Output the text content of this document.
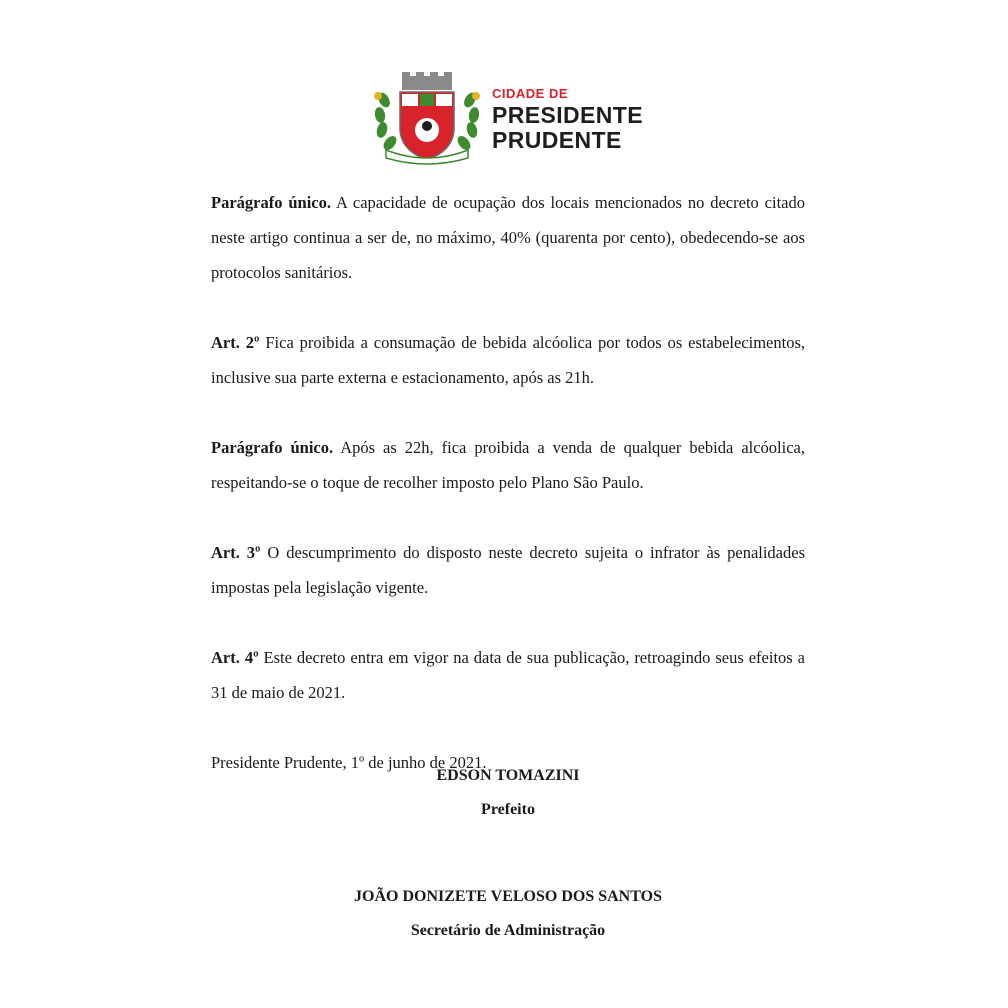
CIDADE DE
PRESIDENTE
PRUDENTE

Parágrafo único. A capacidade de ocupação dos locais mencionados no decreto citado neste artigo continua a ser de, no máximo, 40% (quarenta por cento), obedecendo-se aos protocolos sanitários.

Art. 2º Fica proibida a consumação de bebida alcóolica por todos os estabelecimentos, inclusive sua parte externa e estacionamento, após as 21h.

Parágrafo único. Após as 22h, fica proibida a venda de qualquer bebida alcóolica, respeitando-se o toque de recolher imposto pelo Plano São Paulo.

Art. 3º O descumprimento do disposto neste decreto sujeita o infrator às penalidades impostas pela legislação vigente.

Art. 4º Este decreto entra em vigor na data de sua publicação, retroagindo seus efeitos a 31 de maio de 2021.

Presidente Prudente, 1º de junho de 2021.

EDSON TOMAZINI
Prefeito
JOÃO DONIZETE VELOSO DOS SANTOS
Secretário de Administração
